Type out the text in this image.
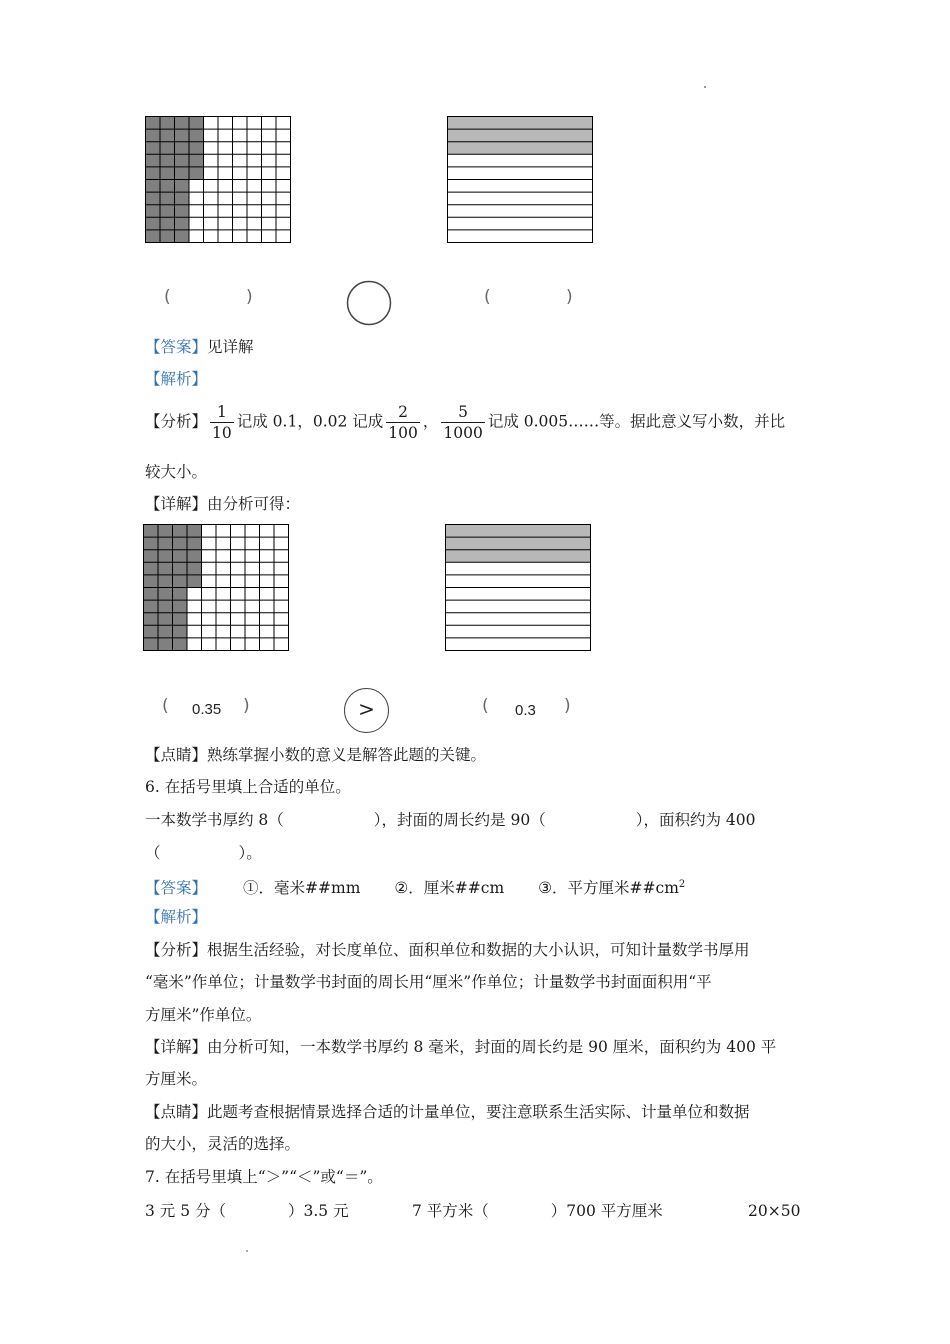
(	)	(	)
【答案】见详解
【解析】
【分析】 $\frac{1}{10}$ 记成 0.1，0.02 记成 $\frac{2}{100}$ ， $\frac{5}{1000}$ 记成 0.005……等。据此意义写小数，并比
较大小。
【详解】由分析可得：
( 0.35 )	>	( 0.3 )
【点睛】熟练掌握小数的意义是解答此题的关键。
6. 在括号里填上合适的单位。
一本数学书厚约 8（	），封面的周长约是 90（	），面积约为 400
（	）。
【答案】 ①．毫米##mm ②．厘米##cm ③．平方厘米$\#\#cm^2$
【解析】
【分析】根据生活经验，对长度单位、面积单位和数据的大小认识，可知计量数学书厚用
“毫米”作单位；计量数学书封面的周长用“厘米”作单位；计量数学书封面面积用“平
方厘米”作单位。
【详解】由分析可知，一本数学书厚约 8 毫米，封面的周长约是 90 厘米，面积约为 400 平
方厘米。
【点睛】此题考查根据情景选择合适的计量单位，要注意联系生活实际、计量单位和数据
的大小，灵活的选择。
7. 在括号里填上“＞”“＜”或“＝”。
3 元 5 分（　　　　）3.5 元	7 平方米（　　　　）700 平方厘米	20×50
